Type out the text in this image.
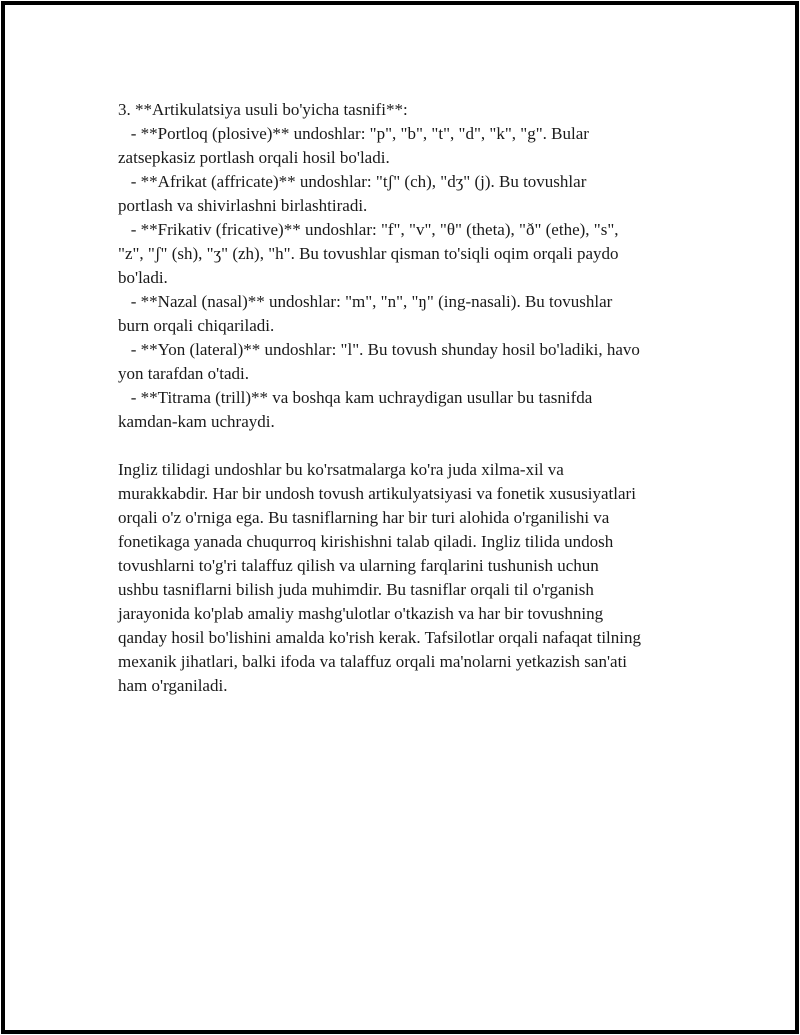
3. **Artikulatsiya usuli bo'yicha tasnifi**:
- **Portloq (plosive)** undoshlar: "p", "b", "t", "d", "k", "g". Bular
zatsepkasiz portlash orqali hosil bo'ladi.
- **Afrikat (affricate)** undoshlar: "tʃ" (ch), "dʒ" (j). Bu tovushlar
portlash va shivirlashni birlashtiradi.
- **Frikativ (fricative)** undoshlar: "f", "v", "θ" (theta), "ð" (ethe), "s",
"z", "ʃ" (sh), "ʒ" (zh), "h". Bu tovushlar qisman to'siqli oqim orqali paydo
bo'ladi.
- **Nazal (nasal)** undoshlar: "m", "n", "ŋ" (ing-nasali). Bu tovushlar
burn orqali chiqariladi.
- **Yon (lateral)** undoshlar: "l". Bu tovush shunday hosil bo'ladiki, havo
yon tarafdan o'tadi.
- **Titrama (trill)** va boshqa kam uchraydigan usullar bu tasnifda
kamdan-kam uchraydi.
Ingliz tilidagi undoshlar bu ko'rsatmalarga ko'ra juda xilma-xil va
murakkabdir. Har bir undosh tovush artikulyatsiyasi va fonetik xususiyatlari
orqali o'z o'rniga ega. Bu tasniflarning har bir turi alohida o'rganilishi va
fonetikaga yanada chuqurroq kirishishni talab qiladi. Ingliz tilida undosh
tovushlarni to'g'ri talaffuz qilish va ularning farqlarini tushunish uchun
ushbu tasniflarni bilish juda muhimdir. Bu tasniflar orqali til o'rganish
jarayonida ko'plab amaliy mashg'ulotlar o'tkazish va har bir tovushning
qanday hosil bo'lishini amalda ko'rish kerak. Tafsilotlar orqali nafaqat tilning
mexanik jihatlari, balki ifoda va talaffuz orqali ma'nolarni yetkazish san'ati
ham o'rganiladi.
